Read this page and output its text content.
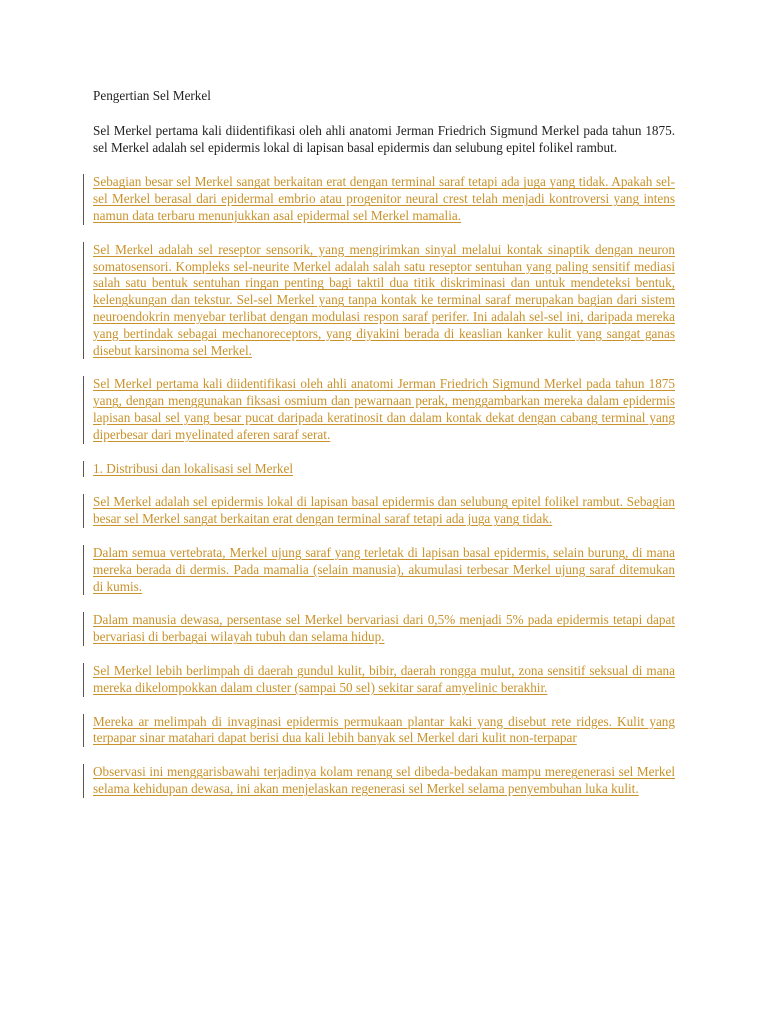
Pengertian Sel Merkel

Sel Merkel pertama kali diidentifikasi oleh ahli anatomi Jerman Friedrich Sigmund Merkel pada tahun 1875. sel Merkel adalah sel epidermis lokal di lapisan basal epidermis dan selubung epitel folikel rambut.

Sebagian besar sel Merkel sangat berkaitan erat dengan terminal saraf tetapi ada juga yang tidak. Apakah sel-sel Merkel berasal dari epidermal embrio atau progenitor neural crest telah menjadi kontroversi yang intens namun data terbaru menunjukkan asal epidermal sel Merkel mamalia.
Sel Merkel adalah sel reseptor sensorik, yang mengirimkan sinyal melalui kontak sinaptik dengan neuron somatosensori. Kompleks sel-neurite Merkel adalah salah satu reseptor sentuhan yang paling sensitif mediasi salah satu bentuk sentuhan ringan penting bagi taktil dua titik diskriminasi dan untuk mendeteksi bentuk, kelengkungan dan tekstur. Sel-sel Merkel yang tanpa kontak ke terminal saraf merupakan bagian dari sistem neuroendokrin menyebar terlibat dengan modulasi respon saraf perifer. Ini adalah sel-sel ini, daripada mereka yang bertindak sebagai mechanoreceptors, yang diyakini berada di keaslian kanker kulit yang sangat ganas disebut karsinoma sel Merkel.
Sel Merkel pertama kali diidentifikasi oleh ahli anatomi Jerman Friedrich Sigmund Merkel pada tahun 1875 yang, dengan menggunakan fiksasi osmium dan pewarnaan perak, menggambarkan mereka dalam epidermis lapisan basal sel yang besar pucat daripada keratinosit dan dalam kontak dekat dengan cabang terminal yang diperbesar dari myelinated aferen saraf serat.
1. Distribusi dan lokalisasi sel Merkel
Sel Merkel adalah sel epidermis lokal di lapisan basal epidermis dan selubung epitel folikel rambut. Sebagian besar sel Merkel sangat berkaitan erat dengan terminal saraf tetapi ada juga yang tidak.
Dalam semua vertebrata, Merkel ujung saraf yang terletak di lapisan basal epidermis, selain burung, di mana mereka berada di dermis. Pada mamalia (selain manusia), akumulasi terbesar Merkel ujung saraf ditemukan di kumis.
Dalam manusia dewasa, persentase sel Merkel bervariasi dari 0,5% menjadi 5% pada epidermis tetapi dapat bervariasi di berbagai wilayah tubuh dan selama hidup.
Sel Merkel lebih berlimpah di daerah gundul kulit, bibir, daerah rongga mulut, zona sensitif seksual di mana mereka dikelompokkan dalam cluster (sampai 50 sel) sekitar saraf amyelinic berakhir.
Mereka ar melimpah di invaginasi epidermis permukaan plantar kaki yang disebut rete ridges. Kulit yang terpapar sinar matahari dapat berisi dua kali lebih banyak sel Merkel dari kulit non-terpapar
Observasi ini menggarisbawahi terjadinya kolam renang sel dibeda-bedakan mampu meregenerasi sel Merkel selama kehidupan dewasa, ini akan menjelaskan regenerasi sel Merkel selama penyembuhan luka kulit.
